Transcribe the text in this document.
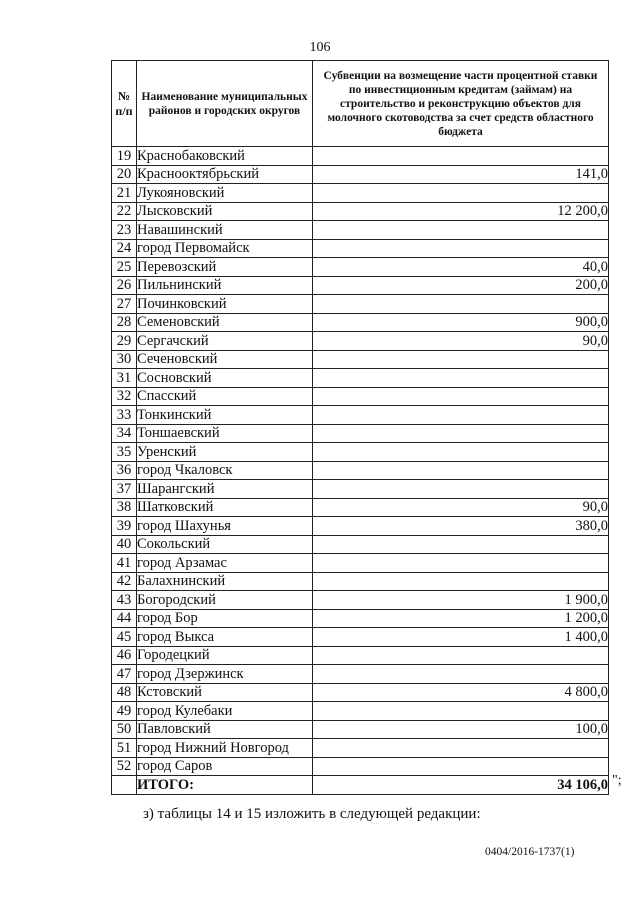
106
№ п/п	Наименование муниципальных районов и городских округов	Субвенции на возмещение части процентной ставки по инвестиционным кредитам (займам) на строительство и реконструкцию объектов для молочного скотоводства за счет средств областного бюджета
19	Краснобаковский	
20	Краснооктябрьский	141,0
21	Лукояновский	
22	Лысковский	12 200,0
23	Навашинский	
24	город Первомайск	
25	Перевозский	40,0
26	Пильнинский	200,0
27	Починковский	
28	Семеновский	900,0
29	Сергачский	90,0
30	Сеченовский	
31	Сосновский	
32	Спасский	
33	Тонкинский	
34	Тоншаевский	
35	Уренский	
36	город Чкаловск	
37	Шарангский	
38	Шатковский	90,0
39	город Шахунья	380,0
40	Сокольский	
41	город Арзамас	
42	Балахнинский	
43	Богородский	1 900,0
44	город Бор	1 200,0
45	город Выкса	1 400,0
46	Городецкий	
47	город Дзержинск	
48	Кстовский	4 800,0
49	город Кулебаки	
50	Павловский	100,0
51	город Нижний Новгород	
52	город Саров	
	ИТОГО:	34 106,0 ";
з) таблицы 14 и 15 изложить в следующей редакции:
0404/2016-1737(1)
